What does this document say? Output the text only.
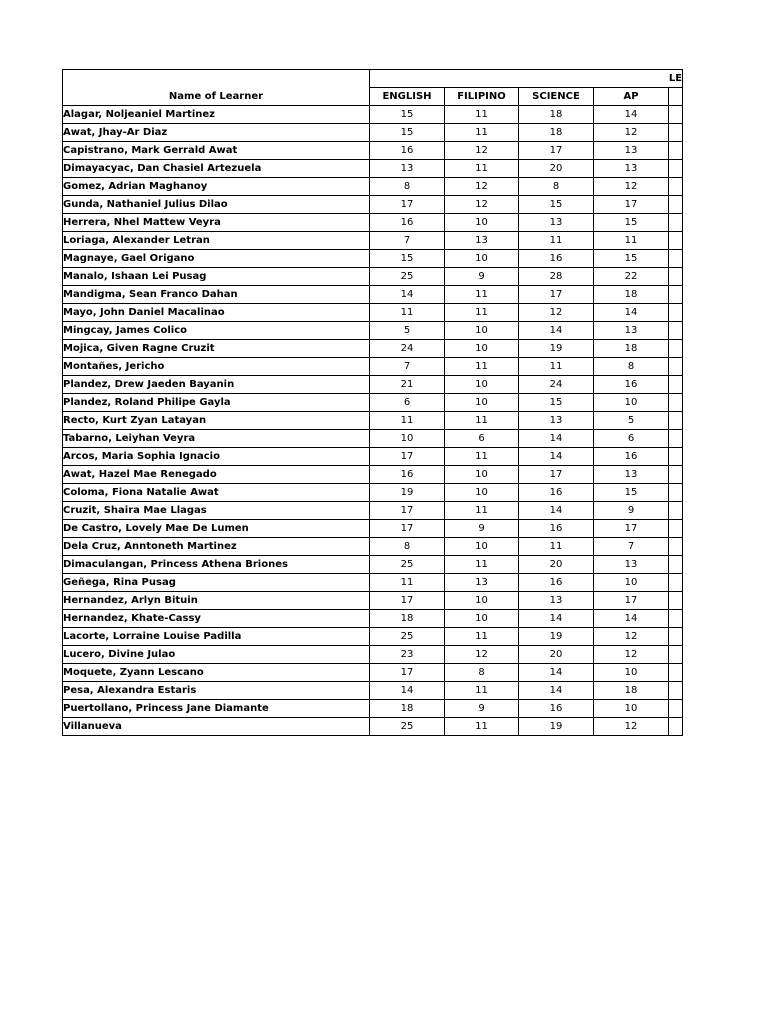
Name of Learner	LE				
	ENGLISH	FILIPINO	SCIENCE	AP	
Alagar, Noljeaniel Martinez	15	11	18	14	
Awat, Jhay-Ar Diaz	15	11	18	12	
Capistrano, Mark Gerrald Awat	16	12	17	13	
Dimayacyac, Dan Chasiel Artezuela	13	11	20	13	
Gomez, Adrian Maghanoy	8	12	8	12	
Gunda, Nathaniel Julius Dilao	17	12	15	17	
Herrera, Nhel Mattew Veyra	16	10	13	15	
Loriaga, Alexander Letran	7	13	11	11	
Magnaye, Gael Origano	15	10	16	15	
Manalo, Ishaan Lei Pusag	25	9	28	22	
Mandigma, Sean Franco Dahan	14	11	17	18	
Mayo, John Daniel Macalinao	11	11	12	14	
Mingcay, James Colico	5	10	14	13	
Mojica, Given Ragne Cruzit	24	10	19	18	
Montañes, Jericho	7	11	11	8	
Plandez, Drew Jaeden Bayanin	21	10	24	16	
Plandez, Roland Philipe Gayla	6	10	15	10	
Recto, Kurt Zyan Latayan	11	11	13	5	
Tabarno, Leiyhan Veyra	10	6	14	6	
Arcos, Maria Sophia Ignacio	17	11	14	16	
Awat, Hazel Mae Renegado	16	10	17	13	
Coloma, Fiona Natalie Awat	19	10	16	15	
Cruzit, Shaira Mae Llagas	17	11	14	9	
De Castro, Lovely Mae De Lumen	17	9	16	17	
Dela Cruz, Anntoneth Martinez	8	10	11	7	
Dimaculangan, Princess Athena Briones	25	11	20	13	
Geñega, Rina Pusag	11	13	16	10	
Hernandez, Arlyn Bituin	17	10	13	17	
Hernandez, Khate-Cassy	18	10	14	14	
Lacorte, Lorraine Louise Padilla	25	11	19	12	
Lucero, Divine Julao	23	12	20	12	
Moquete, Zyann Lescano	17	8	14	10	
Pesa, Alexandra Estaris	14	11	14	18	
Puertollano, Princess Jane Diamante	18	9	16	10	
Villanueva	25	11	19	12	
